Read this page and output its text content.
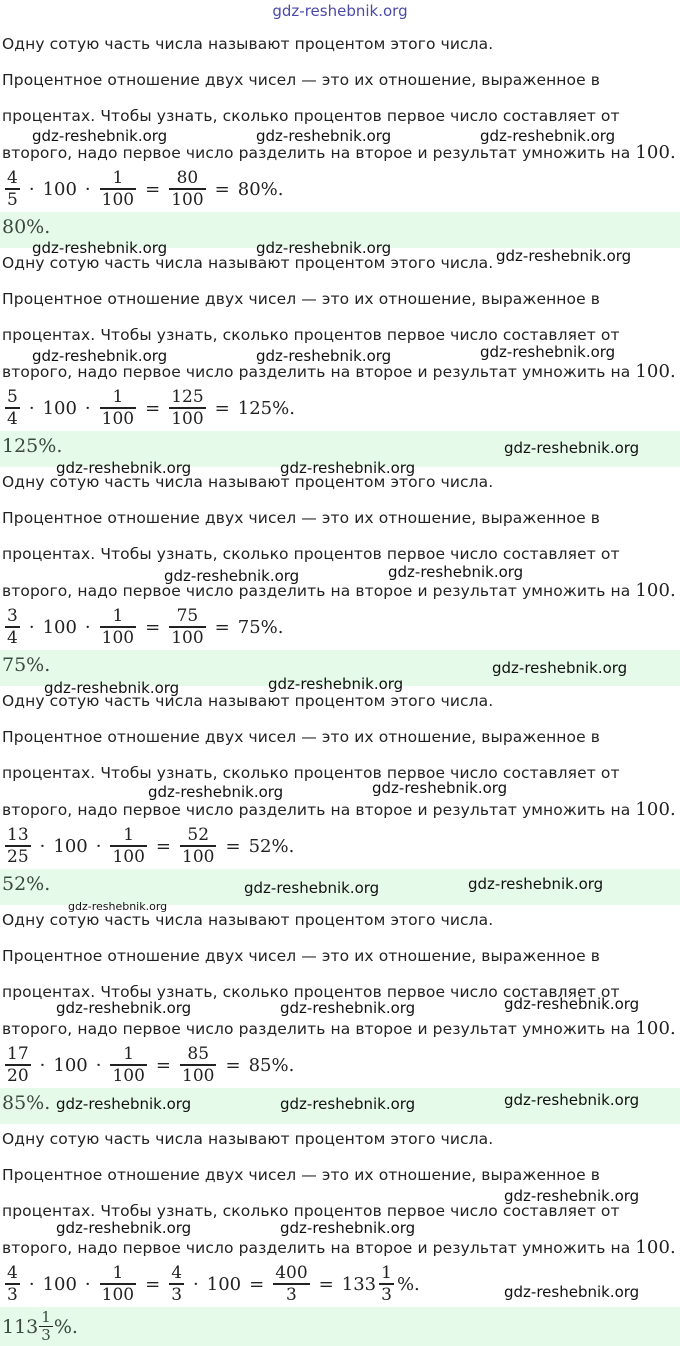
gdz-reshebnik.org
Одну сотую часть числа называют процентом этого числа.
Процентное отношение двух чисел — это их отношение, выраженное в
процентах. Чтобы узнать, сколько процентов первое число составляет от
второго, надо первое число разделить на второе и результат умножить на 100.
$\frac{4}{5} \cdot 100 \cdot \frac{1}{100} = \frac{80}{100} = 80\%$.
80%.
Одну сотую часть числа называют процентом этого числа.
Процентное отношение двух чисел — это их отношение, выраженное в
процентах. Чтобы узнать, сколько процентов первое число составляет от
второго, надо первое число разделить на второе и результат умножить на 100.
$\frac{5}{4} \cdot 100 \cdot \frac{1}{100} = \frac{125}{100} = 125\%$.
125%.
Одну сотую часть числа называют процентом этого числа.
Процентное отношение двух чисел — это их отношение, выраженное в
процентах. Чтобы узнать, сколько процентов первое число составляет от
второго, надо первое число разделить на второе и результат умножить на 100.
$\frac{3}{4} \cdot 100 \cdot \frac{1}{100} = \frac{75}{100} = 75\%$.
75%.
Одну сотую часть числа называют процентом этого числа.
Процентное отношение двух чисел — это их отношение, выраженное в
процентах. Чтобы узнать, сколько процентов первое число составляет от
второго, надо первое число разделить на второе и результат умножить на 100.
$\frac{13}{25} \cdot 100 \cdot \frac{1}{100} = \frac{52}{100} = 52\%$.
52%.
Одну сотую часть числа называют процентом этого числа.
Процентное отношение двух чисел — это их отношение, выраженное в
процентах. Чтобы узнать, сколько процентов первое число составляет от
второго, надо первое число разделить на второе и результат умножить на 100.
$\frac{17}{20} \cdot 100 \cdot \frac{1}{100} = \frac{85}{100} = 85\%$.
85%.
Одну сотую часть числа называют процентом этого числа.
Процентное отношение двух чисел — это их отношение, выраженное в
процентах. Чтобы узнать, сколько процентов первое число составляет от
второго, надо первое число разделить на второе и результат умножить на 100.
$\frac{4}{3} \cdot 100 \cdot \frac{1}{100} = \frac{4}{3} \cdot 100 = \frac{400}{3} = 133 \frac{1}{3}$ %.
$113 \frac{1}{3}$ %.
gdz-reshebnik.org	gdz-reshebnik.org	gdz-reshebnik.org
gdz-reshebnik.org	gdz-reshebnik.org	gdz-reshebnik.org
gdz-reshebnik.org	gdz-reshebnik.org	gdz-reshebnik.org
gdz-reshebnik.org
gdz-reshebnik.org	gdz-reshebnik.org
gdz-reshebnik.org	gdz-reshebnik.org
gdz-reshebnik.org
gdz-reshebnik.org	gdz-reshebnik.org
gdz-reshebnik.org	gdz-reshebnik.org
gdz-reshebnik.org	gdz-reshebnik.org
gdz-reshebnik.org
gdz-reshebnik.org	gdz-reshebnik.org	gdz-reshebnik.org
gdz-reshebnik.org	gdz-reshebnik.org	gdz-reshebnik.org
gdz-reshebnik.org
gdz-reshebnik.org	gdz-reshebnik.org
gdz-reshebnik.org
